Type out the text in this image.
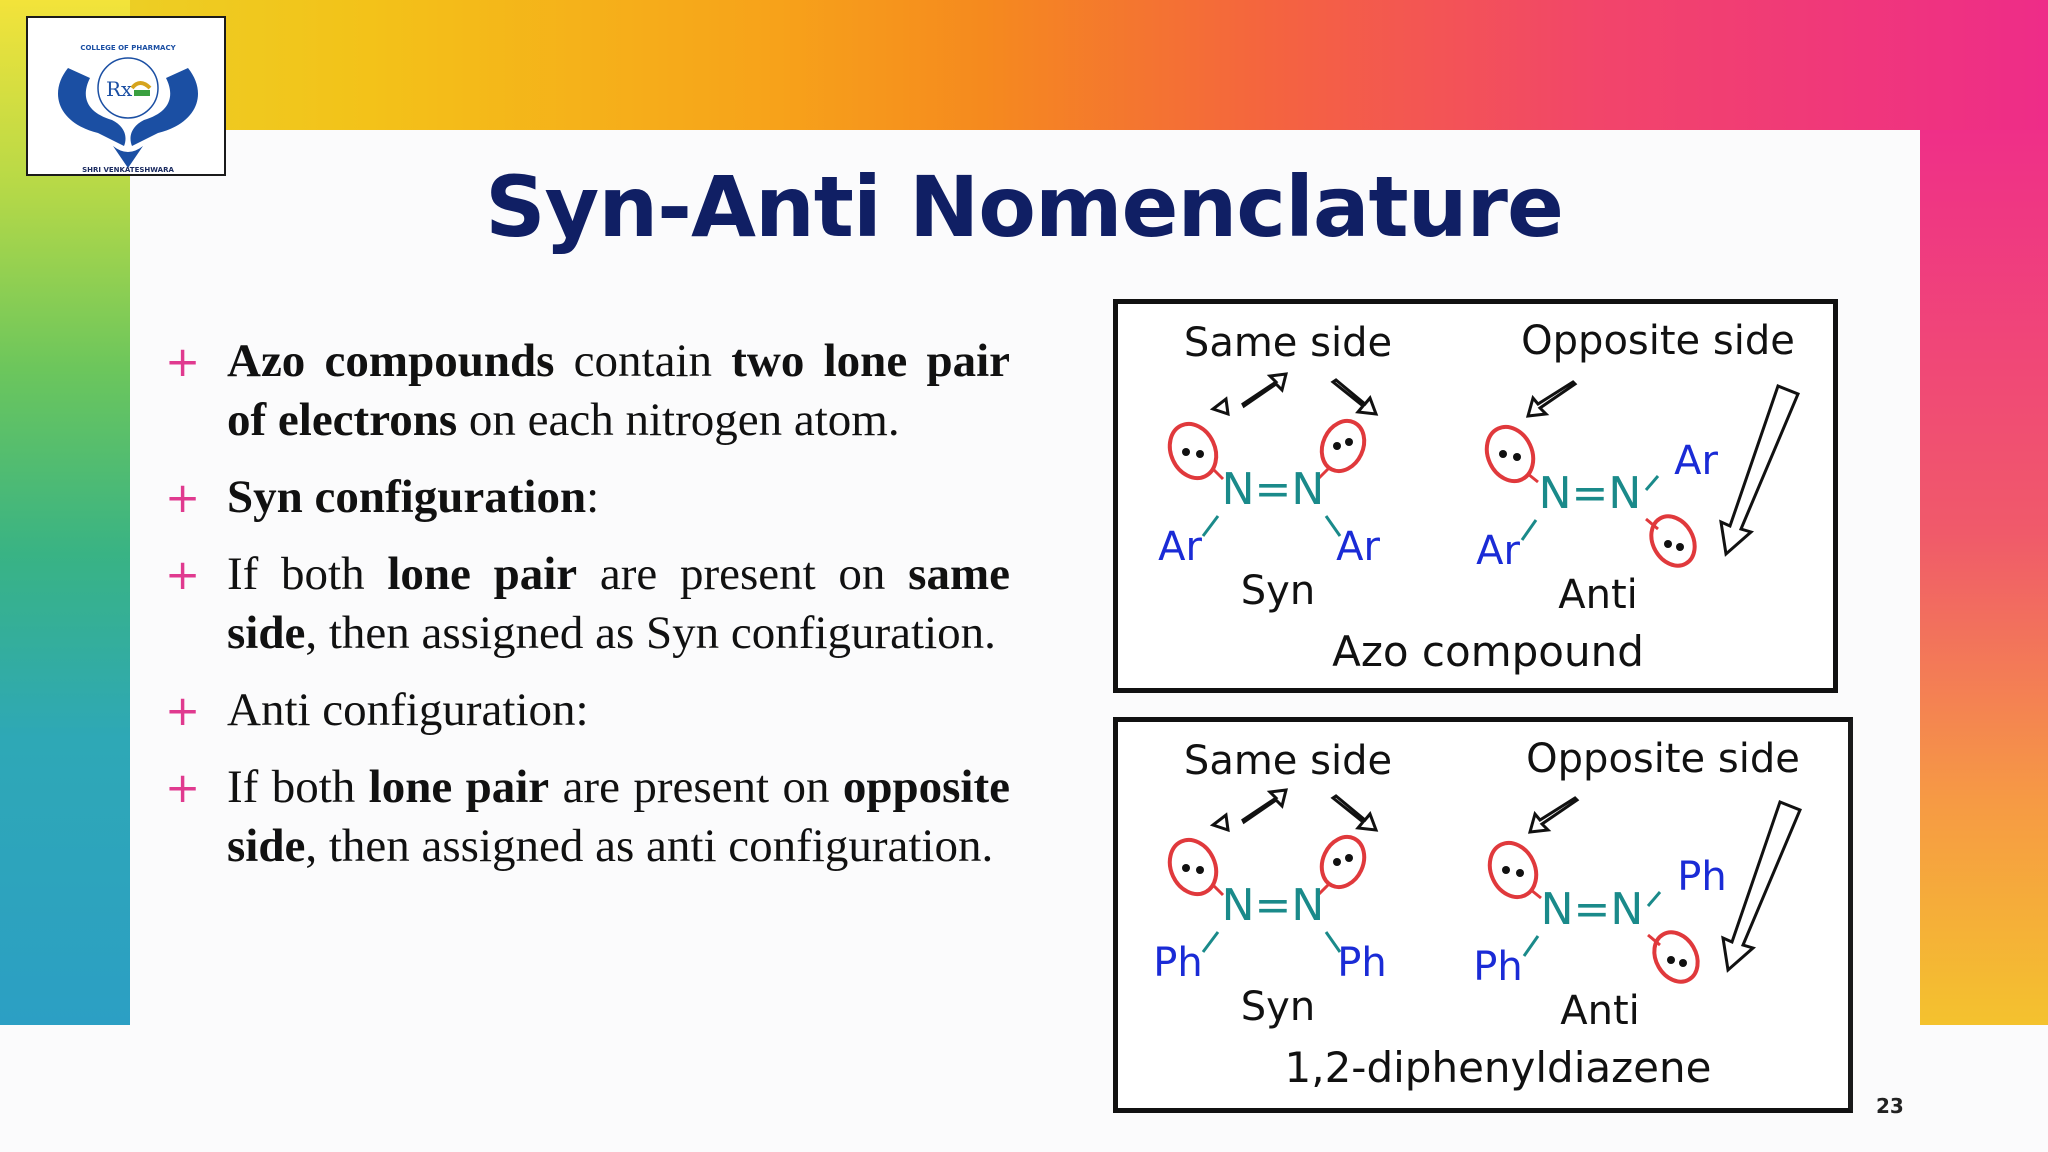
Rx
COLLEGE OF PHARMACY
SHRI VENKATESHWARA	Syn-Anti Nomenclature
+ Azo compounds contain two lone pair of electrons on each nitrogen atom.
+ Syn configuration:
+ If both lone pair are present on same side, then assigned as Syn configuration.
+ Anti configuration:
+ If both lone pair are present on opposite side, then assigned as anti configuration.
Same side	Opposite side
N=N
Ar	Ar
Syn
N=N
Ar
Ar
Anti
Azo compound
Same side	Opposite side
N=N
Ph	Ph
Syn
N=N
Ph
Ph
Anti
1,2-diphenyldiazene
23
